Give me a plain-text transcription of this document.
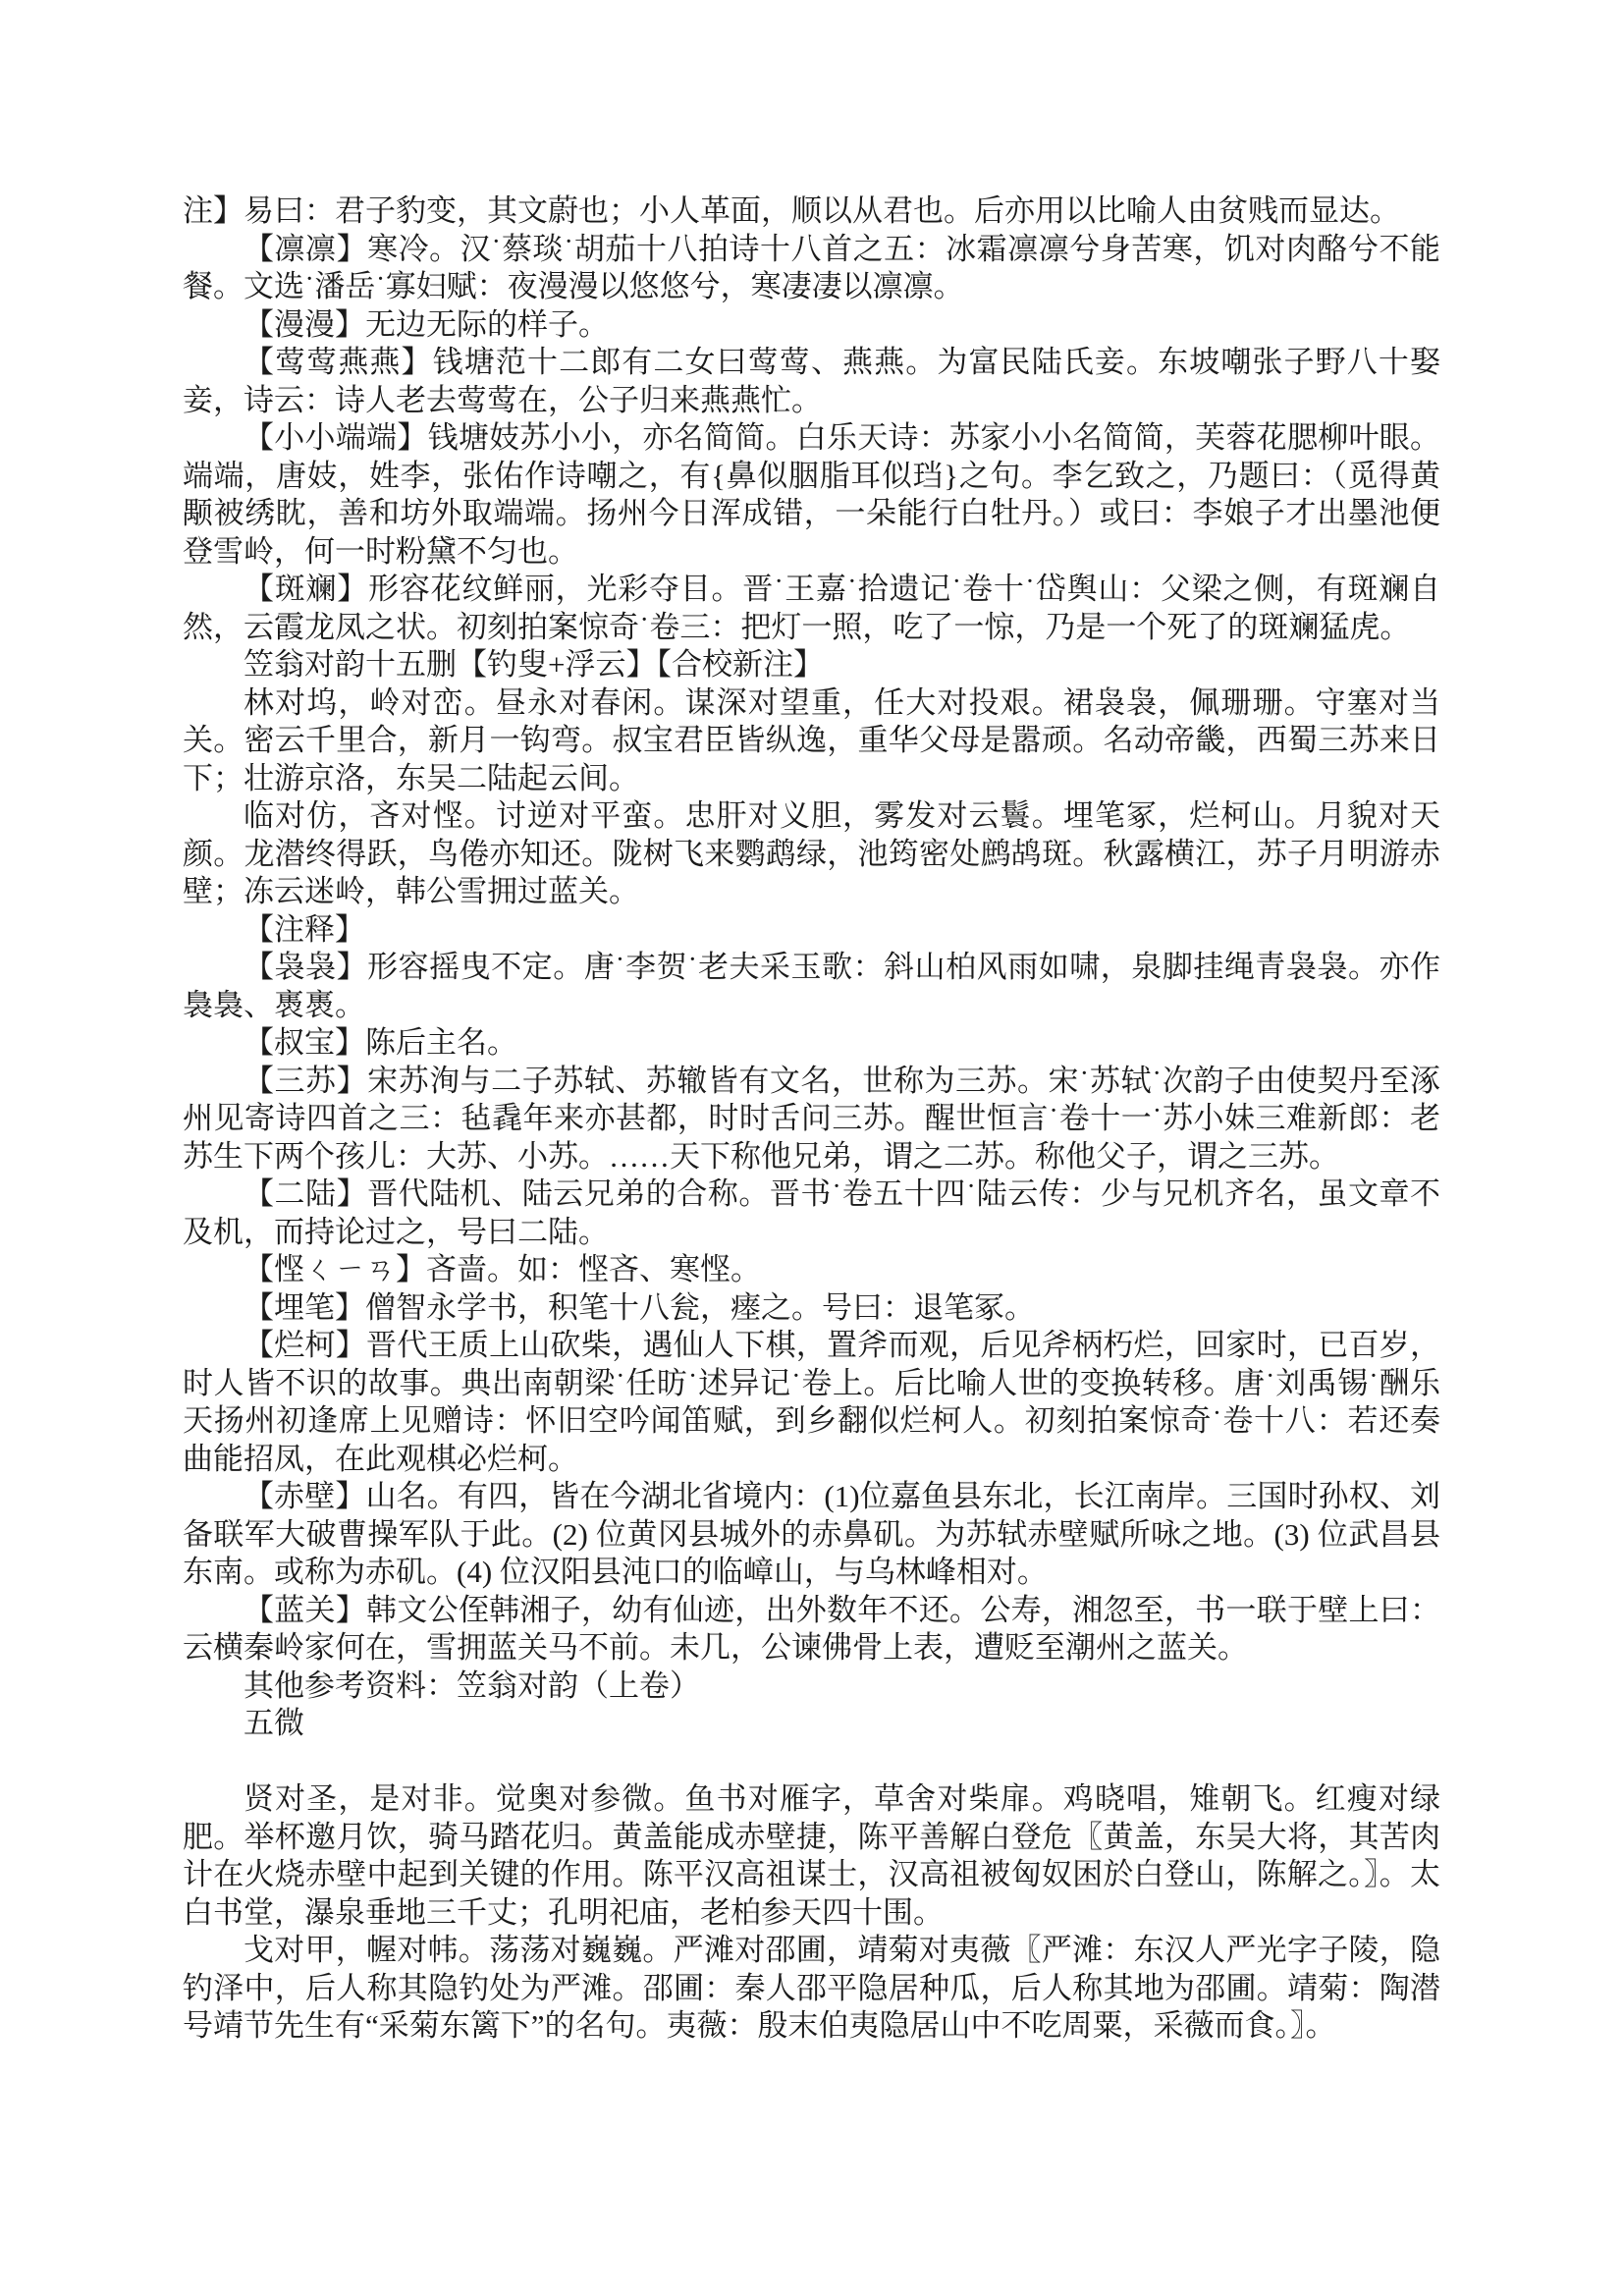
注】易曰：君子豹变，其文蔚也；小人革面，顺以从君也。后亦用以比喻人由贫贱而显达。

【凛凛】寒冷。汉˙蔡琰˙胡茄十八拍诗十八首之五：冰霜凛凛兮身苦寒，饥对肉酪兮不能餐。文选˙潘岳˙寡妇赋：夜漫漫以悠悠兮，寒凄凄以凛凛。

【漫漫】无边无际的样子。

【莺莺燕燕】钱塘范十二郎有二女曰莺莺、燕燕。为富民陆氏妾。东坡嘲张子野八十娶妾，诗云：诗人老去莺莺在，公子归来燕燕忙。

【小小端端】钱塘妓苏小小，亦名简简。白乐天诗：苏家小小名简简，芙蓉花腮柳叶眼。端端，唐妓，姓李，张佑作诗嘲之，有{鼻似胭脂耳似珰}之句。李乞致之，乃题曰：（觅得黄颙被绣眈，善和坊外取端端。扬州今日浑成错，一朵能行白牡丹。）或曰：李娘子才出墨池便登雪岭，何一时粉黛不匀也。

【斑斓】形容花纹鲜丽，光彩夺目。晋˙王嘉˙拾遗记˙卷十˙岱舆山：父梁之侧，有斑斓自然，云霞龙凤之状。初刻拍案惊奇˙卷三：把灯一照，吃了一惊，乃是一个死了的斑斓猛虎。

笠翁对韵十五删【钓叟+浮云】【合校新注】

林对坞，岭对峦。昼永对春闲。谋深对望重，任大对投艰。裙袅袅，佩珊珊。守塞对当关。密云千里合，新月一钩弯。叔宝君臣皆纵逸，重华父母是嚣顽。名动帝畿，西蜀三苏来日下；壮游京洛，东吴二陆起云间。

临对仿，吝对悭。讨逆对平蛮。忠肝对义胆，雾发对云鬟。埋笔冢，烂柯山。月貌对天颜。龙潜终得跃，鸟倦亦知还。陇树飞来鹦鹉绿，池筠密处鹧鸪斑。秋露横江，苏子月明游赤壁；冻云迷岭，韩公雪拥过蓝关。

【注释】

【袅袅】形容摇曳不定。唐˙李贺˙老夫采玉歌：斜山柏风雨如啸，泉脚挂绳青袅袅。亦作裊裊、褭褭。

【叔宝】陈后主名。

【三苏】宋苏洵与二子苏轼、苏辙皆有文名，世称为三苏。宋˙苏轼˙次韵子由使契丹至涿州见寄诗四首之三：毡毳年来亦甚都，时时舌问三苏。醒世恒言˙卷十一˙苏小妹三难新郎：老苏生下两个孩儿：大苏、小苏。……天下称他兄弟，谓之二苏。称他父子，谓之三苏。

【二陆】晋代陆机、陆云兄弟的合称。晋书˙卷五十四˙陆云传：少与兄机齐名，虽文章不及机，而持论过之，号曰二陆。

【悭ㄑㄧㄢ】吝啬。如：悭吝、寒悭。

【埋笔】僧智永学书，积笔十八瓮，瘗之。号曰：退笔冢。

【烂柯】晋代王质上山砍柴，遇仙人下棋，置斧而观，后见斧柄朽烂，回家时，已百岁，时人皆不识的故事。典出南朝梁˙任昉˙述异记˙卷上。后比喻人世的变换转移。唐˙刘禹锡˙酬乐天扬州初逢席上见赠诗：怀旧空吟闻笛赋，到乡翻似烂柯人。初刻拍案惊奇˙卷十八：若还奏曲能招凤，在此观棋必烂柯。

【赤壁】山名。有四，皆在今湖北省境内：(1)位嘉鱼县东北，长江南岸。三国时孙权、刘备联军大破曹操军队于此。(2) 位黄冈县城外的赤鼻矶。为苏轼赤壁赋所咏之地。(3) 位武昌县东南。或称为赤矶。(4) 位汉阳县沌口的临嶂山，与乌林峰相对。

【蓝关】韩文公侄韩湘子，幼有仙迹，出外数年不还。公寿，湘忽至，书一联于壁上曰：云横秦岭家何在，雪拥蓝关马不前。未几，公谏佛骨上表，遭贬至潮州之蓝关。

其他参考资料：笠翁对韵（上卷）

五微

贤对圣，是对非。觉奥对参微。鱼书对雁字，草舍对柴扉。鸡晓唱，雉朝飞。红瘦对绿肥。举杯邀月饮，骑马踏花归。黄盖能成赤壁捷，陈平善解白登危〖黄盖，东吴大将，其苦肉计在火烧赤壁中起到关键的作用。陈平汉高祖谋士，汉高祖被匈奴困於白登山，陈解之。〗。太白书堂，瀑泉垂地三千丈；孔明祀庙，老柏参天四十围。

戈对甲，幄对帏。荡荡对巍巍。严滩对邵圃，靖菊对夷薇〖严滩：东汉人严光字子陵，隐钓泽中，后人称其隐钓处为严滩。邵圃：秦人邵平隐居种瓜，后人称其地为邵圃。靖菊：陶潜号靖节先生有“采菊东篱下”的名句。夷薇：殷末伯夷隐居山中不吃周粟，采薇而食。〗。
